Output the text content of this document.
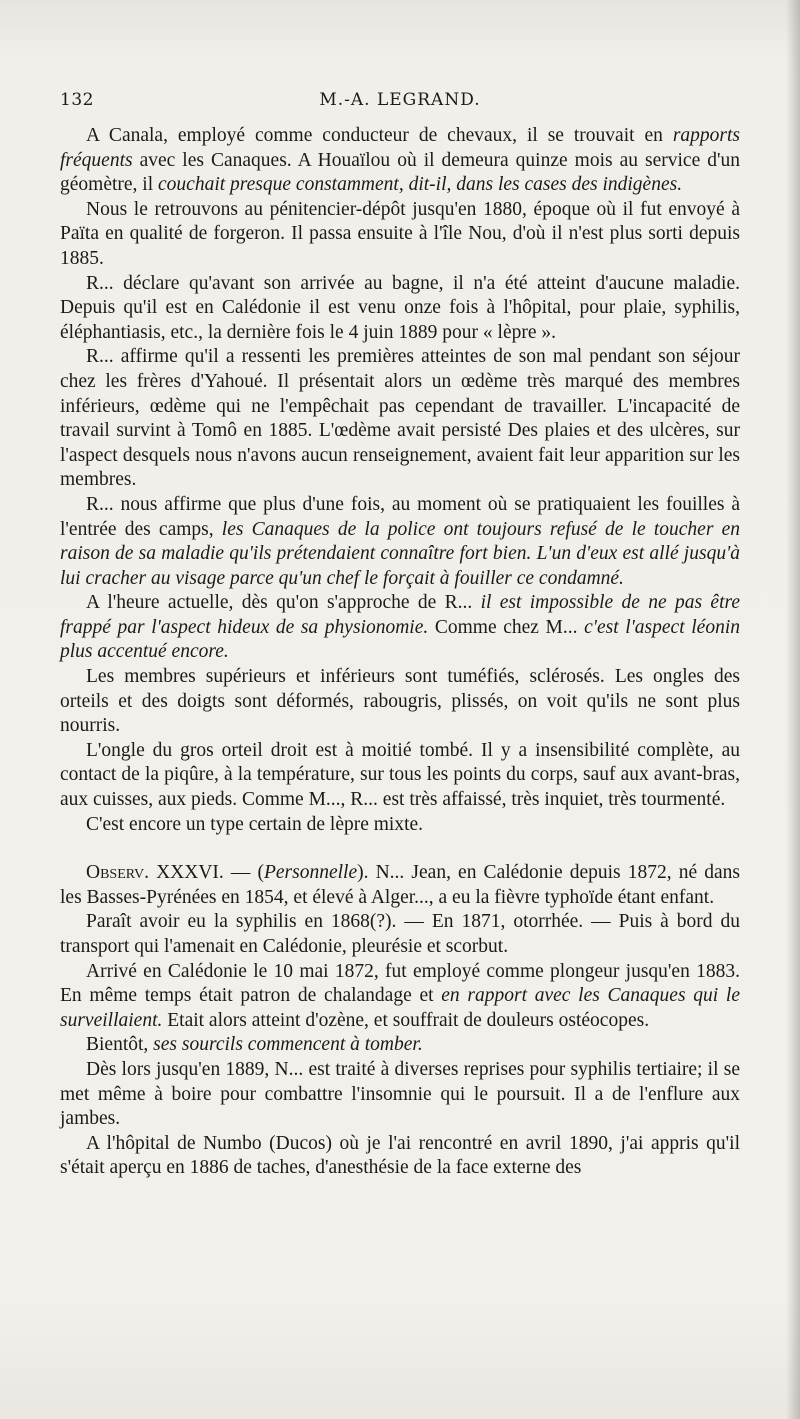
132	M.-A. LEGRAND.

A Canala, employé comme conducteur de chevaux, il se trouvait en rapports fréquents avec les Canaques. A Houaïlou où il demeura quinze mois au service d'un géomètre, il couchait presque constamment, dit-il, dans les cases des indigènes.

Nous le retrouvons au pénitencier-dépôt jusqu'en 1880, époque où il fut envoyé à Païta en qualité de forgeron. Il passa ensuite à l'île Nou, d'où il n'est plus sorti depuis 1885.

R... déclare qu'avant son arrivée au bagne, il n'a été atteint d'aucune maladie. Depuis qu'il est en Calédonie il est venu onze fois à l'hôpital, pour plaie, syphilis, éléphantiasis, etc., la dernière fois le 4 juin 1889 pour « lèpre ».

R... affirme qu'il a ressenti les premières atteintes de son mal pendant son séjour chez les frères d'Yahoué. Il présentait alors un œdème très marqué des membres inférieurs, œdème qui ne l'empêchait pas cependant de travailler. L'incapacité de travail survint à Tomô en 1885. L'œdème avait persisté Des plaies et des ulcères, sur l'aspect desquels nous n'avons aucun renseignement, avaient fait leur apparition sur les membres.

R... nous affirme que plus d'une fois, au moment où se pratiquaient les fouilles à l'entrée des camps, les Canaques de la police ont toujours refusé de le toucher en raison de sa maladie qu'ils prétendaient connaître fort bien. L'un d'eux est allé jusqu'à lui cracher au visage parce qu'un chef le forçait à fouiller ce condamné.

A l'heure actuelle, dès qu'on s'approche de R... il est impossible de ne pas être frappé par l'aspect hideux de sa physionomie. Comme chez M... c'est l'aspect léonin plus accentué encore.

Les membres supérieurs et inférieurs sont tuméfiés, sclérosés. Les ongles des orteils et des doigts sont déformés, rabougris, plissés, on voit qu'ils ne sont plus nourris.

L'ongle du gros orteil droit est à moitié tombé. Il y a insensibilité complète, au contact de la piqûre, à la température, sur tous les points du corps, sauf aux avant-bras, aux cuisses, aux pieds. Comme M..., R... est très affaissé, très inquiet, très tourmenté.

C'est encore un type certain de lèpre mixte.

Observ. XXXVI. — (Personnelle). N... Jean, en Calédonie depuis 1872, né dans les Basses-Pyrénées en 1854, et élevé à Alger..., a eu la fièvre typhoïde étant enfant.

Paraît avoir eu la syphilis en 1868(?). — En 1871, otorrhée. — Puis à bord du transport qui l'amenait en Calédonie, pleurésie et scorbut.

Arrivé en Calédonie le 10 mai 1872, fut employé comme plongeur jusqu'en 1883. En même temps était patron de chalandage et en rapport avec les Canaques qui le surveillaient. Etait alors atteint d'ozène, et souffrait de douleurs ostéocopes.

Bientôt, ses sourcils commencent à tomber.

Dès lors jusqu'en 1889, N... est traité à diverses reprises pour syphilis tertiaire; il se met même à boire pour combattre l'insomnie qui le poursuit. Il a de l'enflure aux jambes.

A l'hôpital de Numbo (Ducos) où je l'ai rencontré en avril 1890, j'ai appris qu'il s'était aperçu en 1886 de taches, d'anesthésie de la face externe des
